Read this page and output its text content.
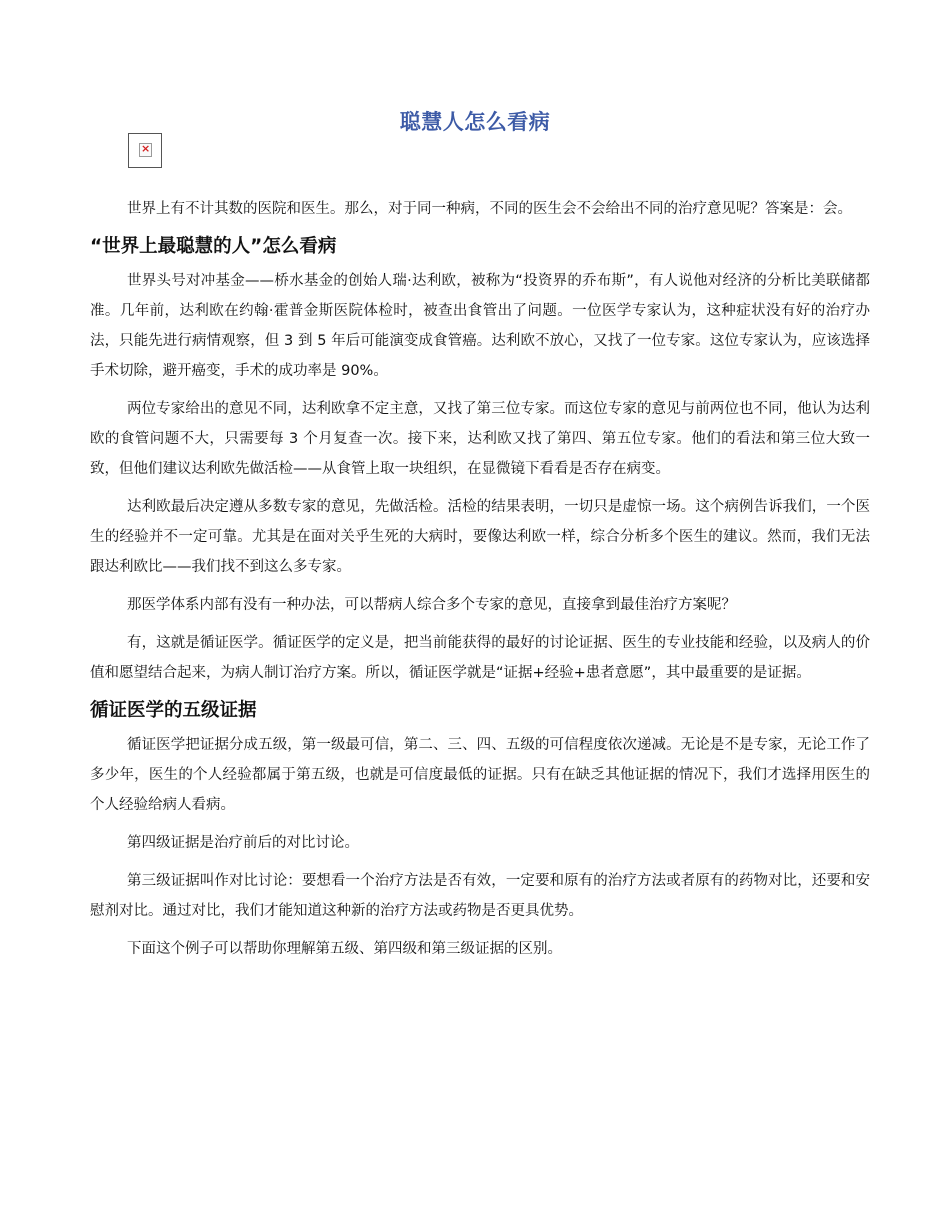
聪慧人怎么看病
×

世界上有不计其数的医院和医生。那么，对于同一种病，不同的医生会不会给出不同的治疗意见呢？答案是：会。

“世界上最聪慧的人”怎么看病

世界头号对冲基金——桥水基金的创始人瑞·达利欧，被称为“投资界的乔布斯”，有人说他对经济的分析比美联储都准。几年前，达利欧在约翰·霍普金斯医院体检时，被查出食管出了问题。一位医学专家认为，这种症状没有好的治疗办法，只能先进行病情观察，但 3 到 5 年后可能演变成食管癌。达利欧不放心，又找了一位专家。这位专家认为，应该选择手术切除，避开癌变，手术的成功率是 90%。

两位专家给出的意见不同，达利欧拿不定主意，又找了第三位专家。而这位专家的意见与前两位也不同，他认为达利欧的食管问题不大，只需要每 3 个月复查一次。接下来，达利欧又找了第四、第五位专家。他们的看法和第三位大致一致，但他们建议达利欧先做活检——从食管上取一块组织，在显微镜下看看是否存在病变。

达利欧最后决定遵从多数专家的意见，先做活检。活检的结果表明，一切只是虚惊一场。这个病例告诉我们，一个医生的经验并不一定可靠。尤其是在面对关乎生死的大病时，要像达利欧一样，综合分析多个医生的建议。然而，我们无法跟达利欧比——我们找不到这么多专家。

那医学体系内部有没有一种办法，可以帮病人综合多个专家的意见，直接拿到最佳治疗方案呢？

有，这就是循证医学。循证医学的定义是，把当前能获得的最好的讨论证据、医生的专业技能和经验，以及病人的价值和愿望结合起来，为病人制订治疗方案。所以，循证医学就是“证据+经验+患者意愿”，其中最重要的是证据。

循证医学的五级证据

循证医学把证据分成五级，第一级最可信，第二、三、四、五级的可信程度依次递减。无论是不是专家，无论工作了多少年，医生的个人经验都属于第五级，也就是可信度最低的证据。只有在缺乏其他证据的情况下，我们才选择用医生的个人经验给病人看病。

第四级证据是治疗前后的对比讨论。

第三级证据叫作对比讨论：要想看一个治疗方法是否有效，一定要和原有的治疗方法或者原有的药物对比，还要和安慰剂对比。通过对比，我们才能知道这种新的治疗方法或药物是否更具优势。

下面这个例子可以帮助你理解第五级、第四级和第三级证据的区别。
